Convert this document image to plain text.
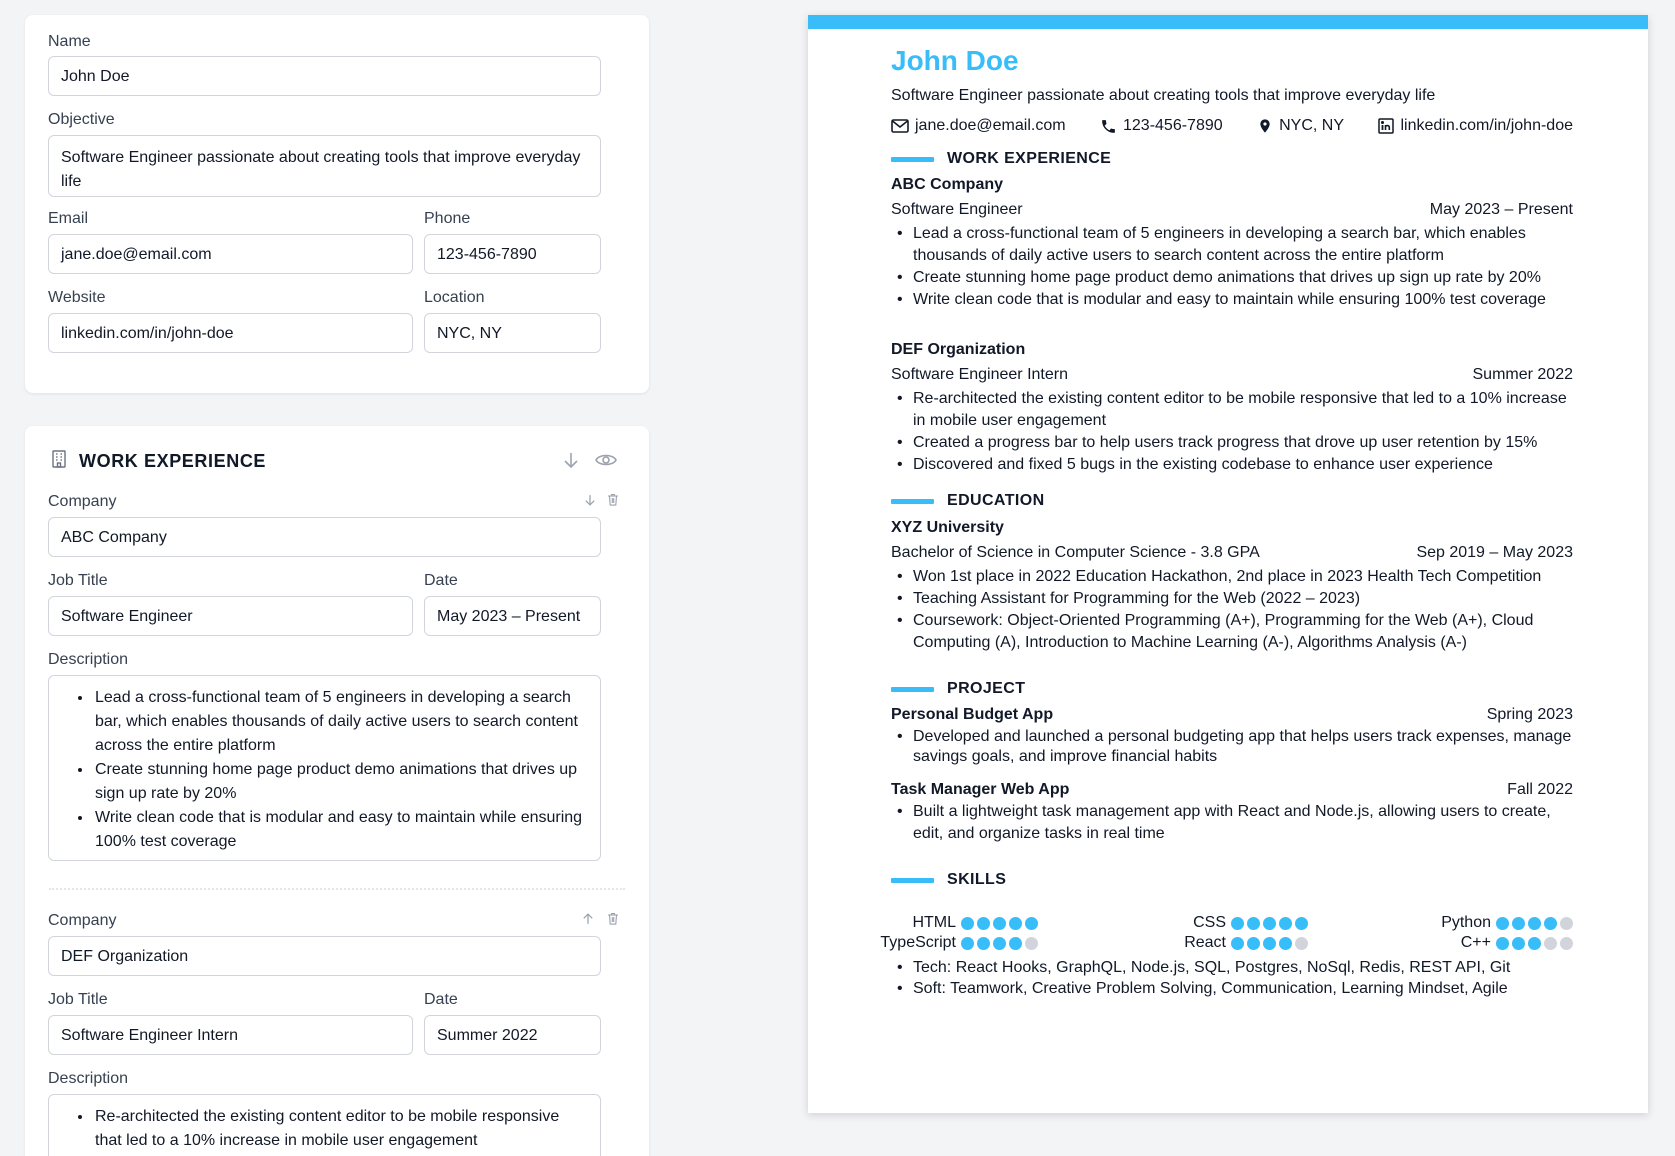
Name
John Doe
Objective
Software Engineer passionate about creating tools that improve everyday life
Email
jane.doe@email.com
Phone
123-456-7890
Website
linkedin.com/in/john-doe
Location
NYC, NY
WORK EXPERIENCE
Company
ABC Company
Job Title
Software Engineer
Date
May 2023 – Present
Description
• Lead a cross-functional team of 5 engineers in developing a search bar, which enables thousands of daily active users to search content across the entire platform
• Create stunning home page product demo animations that drives up sign up rate by 20%
• Write clean code that is modular and easy to maintain while ensuring 100% test coverage
Company
DEF Organization
Job Title
Software Engineer Intern
Date
Summer 2022
Description
• Re-architected the existing content editor to be mobile responsive that led to a 10% increase in mobile user engagement
John Doe
Software Engineer passionate about creating tools that improve everyday life
jane.doe@email.com	123-456-7890	NYC, NY	linkedin.com/in/john-doe
WORK EXPERIENCE
ABC Company
Software Engineer	May 2023 – Present
• Lead a cross-functional team of 5 engineers in developing a search bar, which enables thousands of daily active users to search content across the entire platform
• Create stunning home page product demo animations that drives up sign up rate by 20%
• Write clean code that is modular and easy to maintain while ensuring 100% test coverage
DEF Organization
Software Engineer Intern	Summer 2022
• Re-architected the existing content editor to be mobile responsive that led to a 10% increase in mobile user engagement
• Created a progress bar to help users track progress that drove up user retention by 15%
• Discovered and fixed 5 bugs in the existing codebase to enhance user experience
EDUCATION
XYZ University
Bachelor of Science in Computer Science - 3.8 GPA	Sep 2019 – May 2023
• Won 1st place in 2022 Education Hackathon, 2nd place in 2023 Health Tech Competition
• Teaching Assistant for Programming for the Web (2022 – 2023)
• Coursework: Object-Oriented Programming (A+), Programming for the Web (A+), Cloud Computing (A), Introduction to Machine Learning (A-), Algorithms Analysis (A-)
PROJECT
Personal Budget App	Spring 2023
• Developed and launched a personal budgeting app that helps users track expenses, manage savings goals, and improve financial habits
Task Manager Web App	Fall 2022
• Built a lightweight task management app with React and Node.js, allowing users to create, edit, and organize tasks in real time
SKILLS
HTML	CSS	Python
TypeScript	React	C++
• Tech: React Hooks, GraphQL, Node.js, SQL, Postgres, NoSql, Redis, REST API, Git
• Soft: Teamwork, Creative Problem Solving, Communication, Learning Mindset, Agile
